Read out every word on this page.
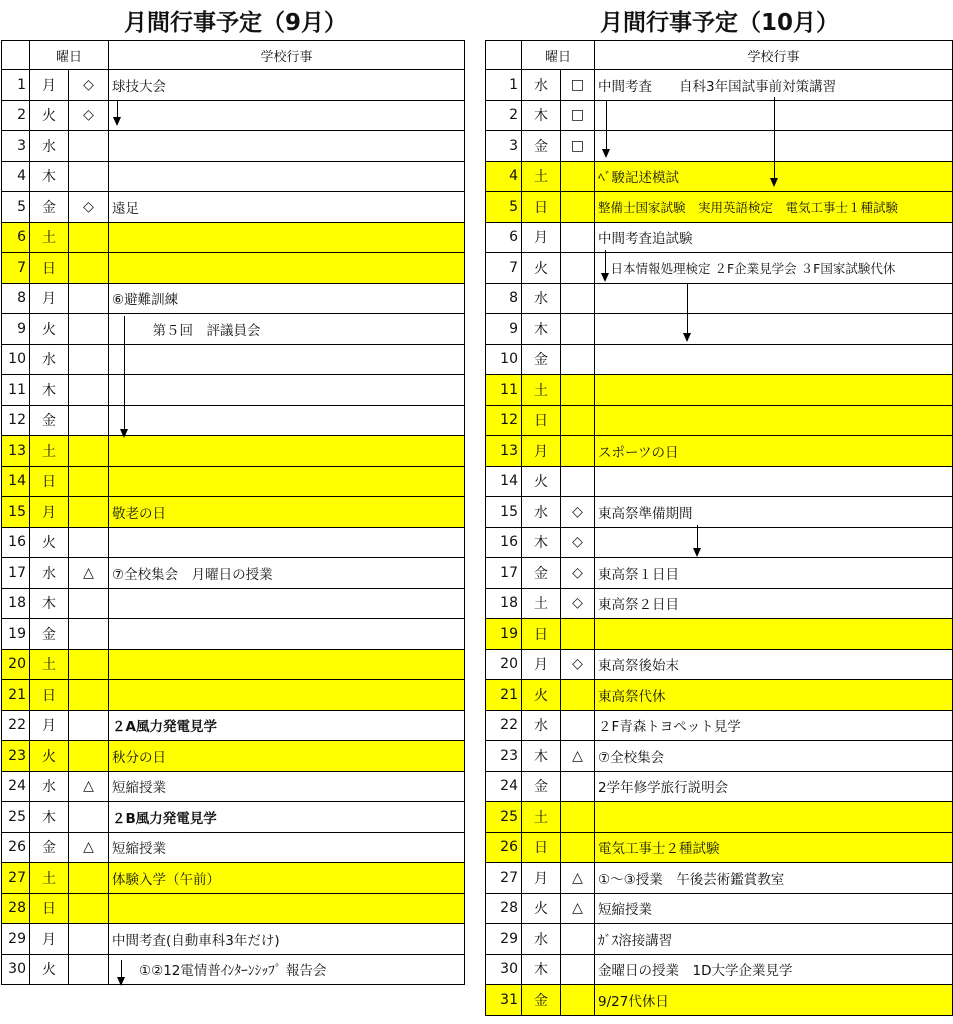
月間行事予定（9月）	月間行事予定（10月）
	曜日		学校行事
1	月	◇	球技大会
2	火	◇	
3	水		
4	木		
5	金	◇	遠足
6	土		
7	日		
8	月		⑥避難訓練
9	火		　　　第５回　評議員会
10	水		
11	木		
12	金		
13	土		
14	日		
15	月		敬老の日
16	火		
17	水	△	⑦全校集会　月曜日の授業
18	木		
19	金		
20	土		
21	日		
22	月		２A風力発電見学
23	火		秋分の日
24	水	△	短縮授業
25	木		２B風力発電見学
26	金	△	短縮授業
27	土		体験入学（午前）
28	日		
29	月		中間考査(自動車科3年だけ)
30	火		　　①②12電情普ｲﾝﾀｰﾝｼｯﾌﾟ 報告会
	曜日		学校行事
1	水	□	中間考査　　自科3年国試事前対策講習
2	木	□	
3	金	□	
4	土		ﾍﾞ駿記述模試
5	日		整備士国家試験　実用英語検定　電気工事士１種試験
6	月		中間考査追試験
7	火		　日本情報処理検定 ２F企業見学会 ３F国家試験代休
8	水		
9	木		
10	金		
11	土		
12	日		
13	月		スポーツの日
14	火		
15	水	◇	東高祭準備期間
16	木	◇	
17	金	◇	東高祭１日目
18	土	◇	東高祭２日目
19	日		
20	月	◇	東高祭後始末
21	火		東高祭代休
22	水		２F青森トヨペット見学
23	木	△	⑦全校集会
24	金		2学年修学旅行説明会
25	土		
26	日		電気工事士２種試験
27	月	△	①～③授業　午後芸術鑑賞教室
28	火	△	短縮授業
29	水		ｶﾞｽ溶接講習
30	木		金曜日の授業　1D大学企業見学
31	金		9/27代休日
